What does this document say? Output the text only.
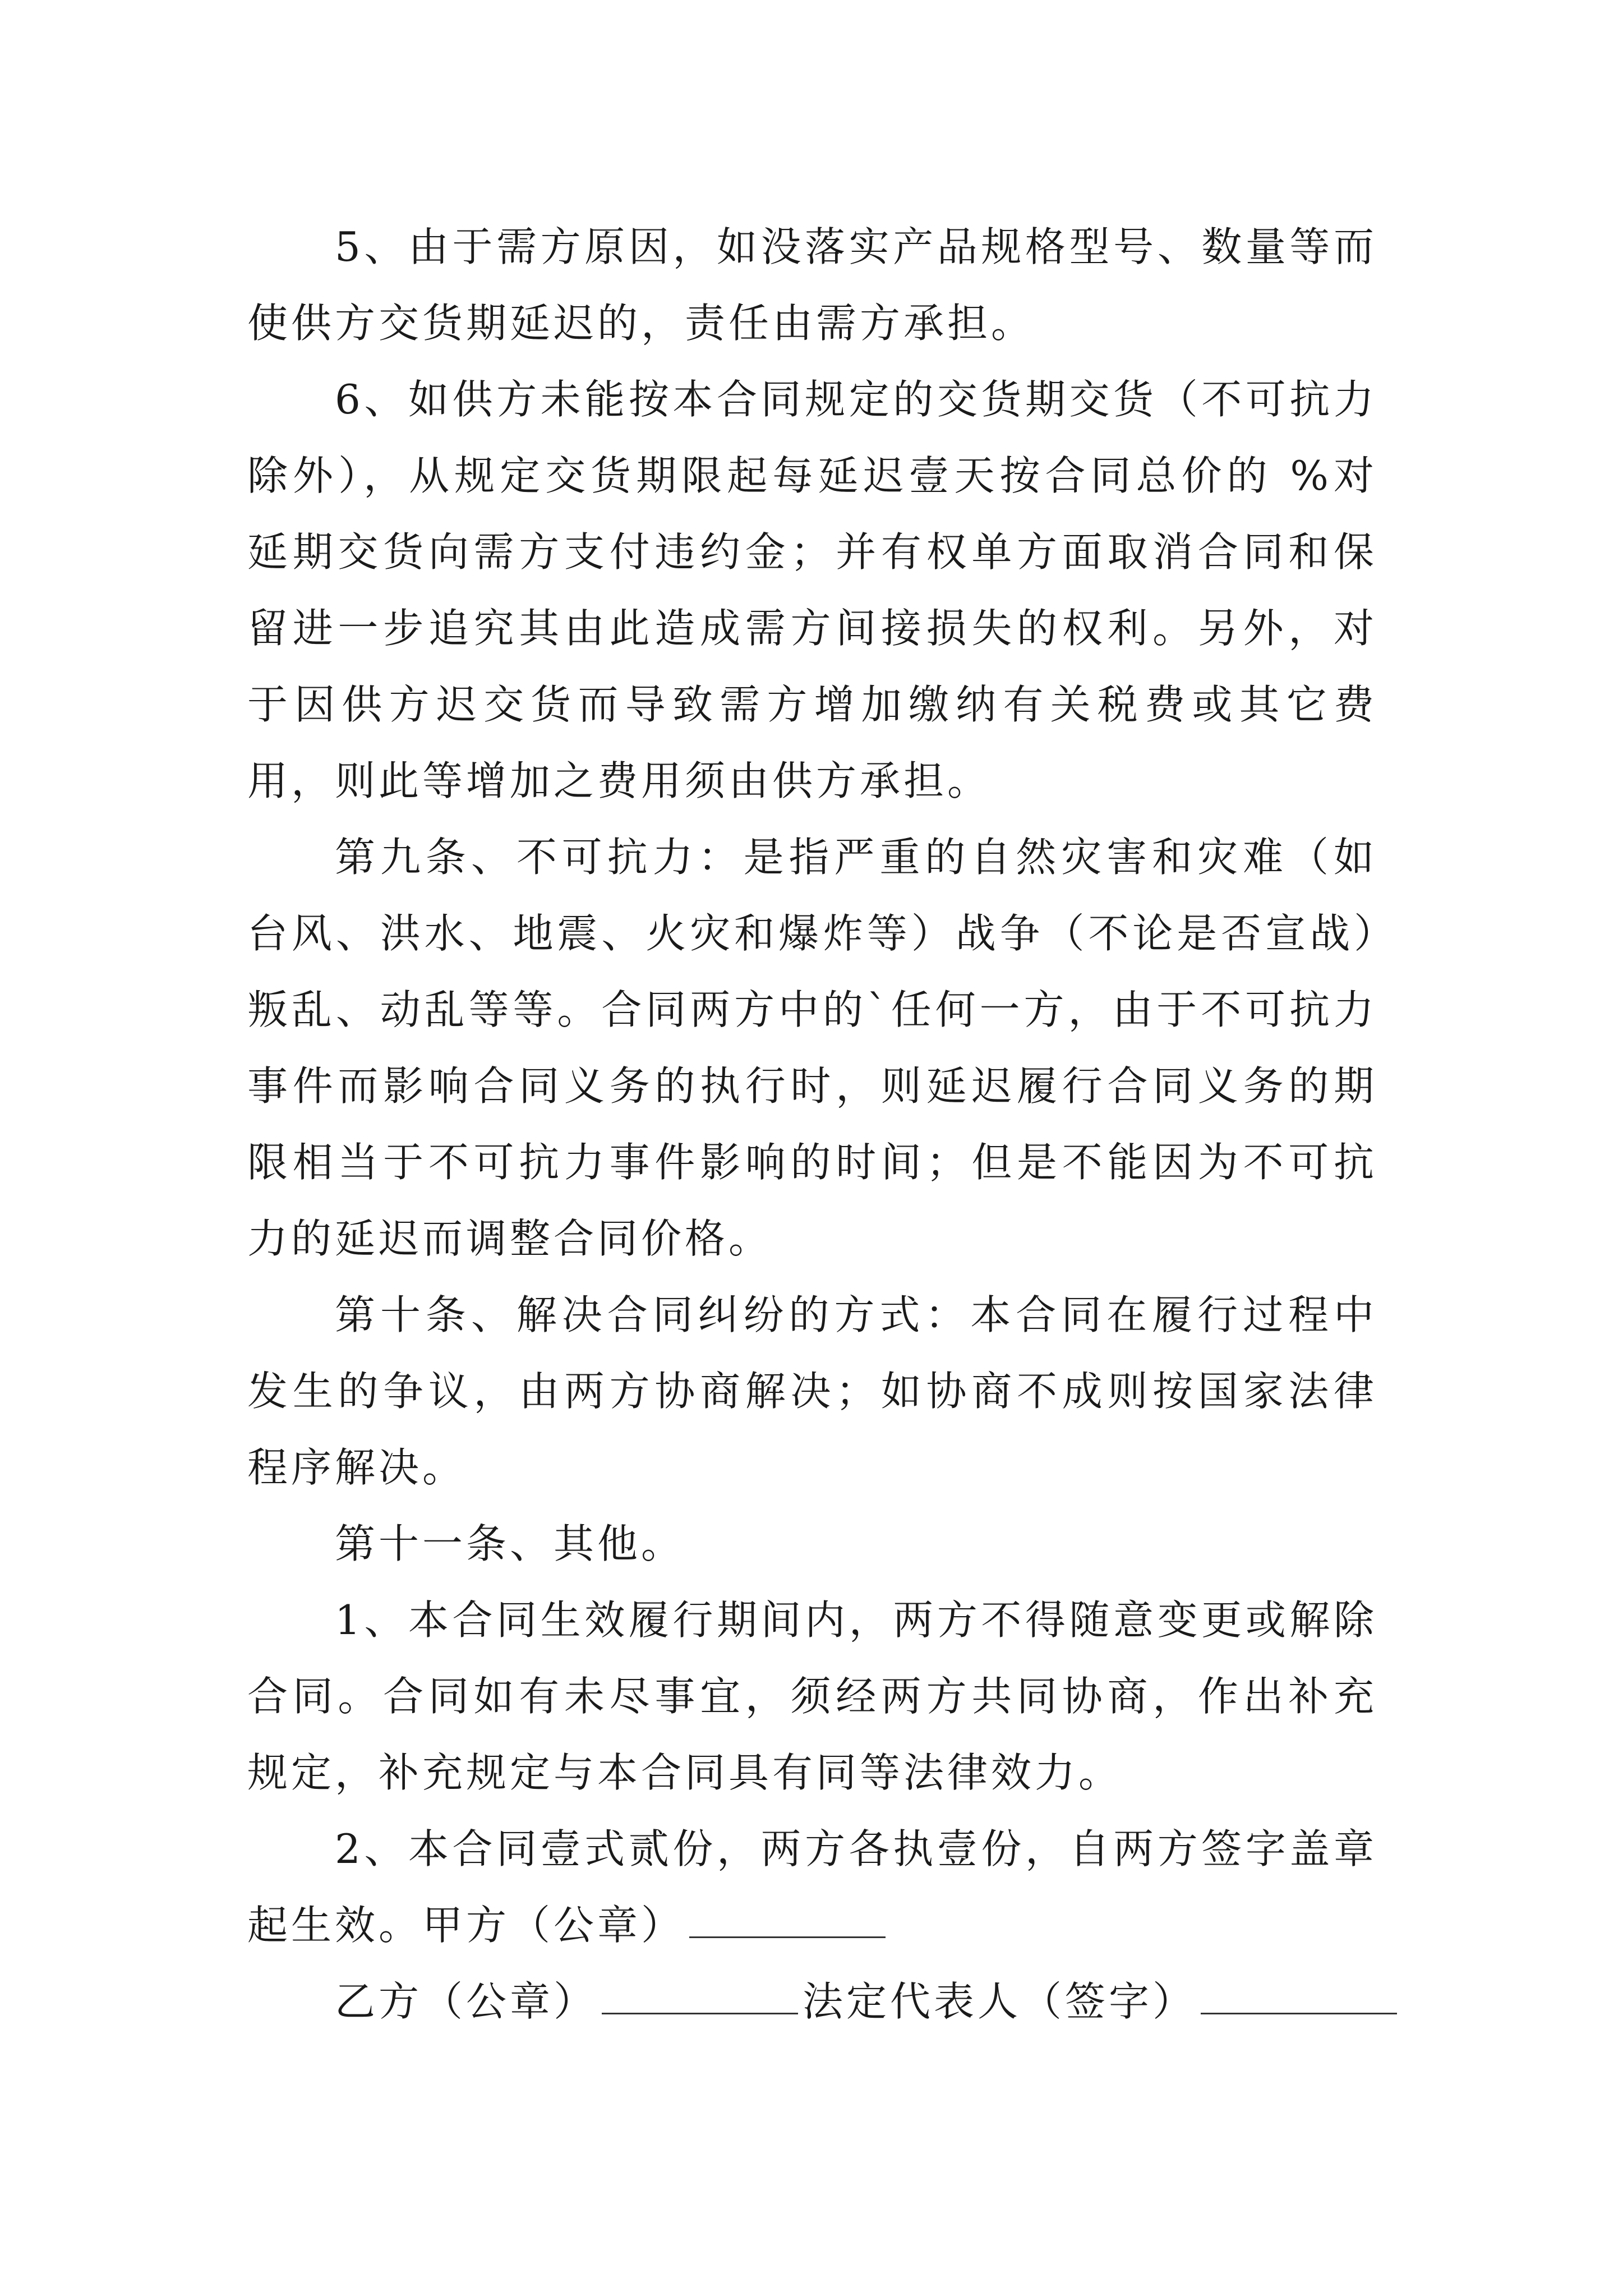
5、由于需方原因，如没落实产品规格型号、数量等而使供方交货期延迟的，责任由需方承担。

6、如供方未能按本合同规定的交货期交货（不可抗力除外），从规定交货期限起每延迟壹天按合同总价的 %对延期交货向需方支付违约金；并有权单方面取消合同和保留进一步追究其由此造成需方间接损失的权利。另外，对于因供方迟交货而导致需方增加缴纳有关税费或其它费用，则此等增加之费用须由供方承担。

第九条、不可抗力：是指严重的自然灾害和灾难（如台风、洪水、地震、火灾和爆炸等）战争（不论是否宣战）叛乱、动乱等等。合同两方中的`任何一方，由于不可抗力事件而影响合同义务的执行时，则延迟履行合同义务的期限相当于不可抗力事件影响的时间；但是不能因为不可抗力的延迟而调整合同价格。

第十条、解决合同纠纷的方式：本合同在履行过程中发生的争议，由两方协商解决；如协商不成则按国家法律程序解决。

第十一条、其他。

1、本合同生效履行期间内，两方不得随意变更或解除合同。合同如有未尽事宜，须经两方共同协商，作出补充规定，补充规定与本合同具有同等法律效力。

2、本合同壹式贰份，两方各执壹份，自两方签字盖章起生效。甲方（公章）

乙方（公章）	法定代表人（签字）
